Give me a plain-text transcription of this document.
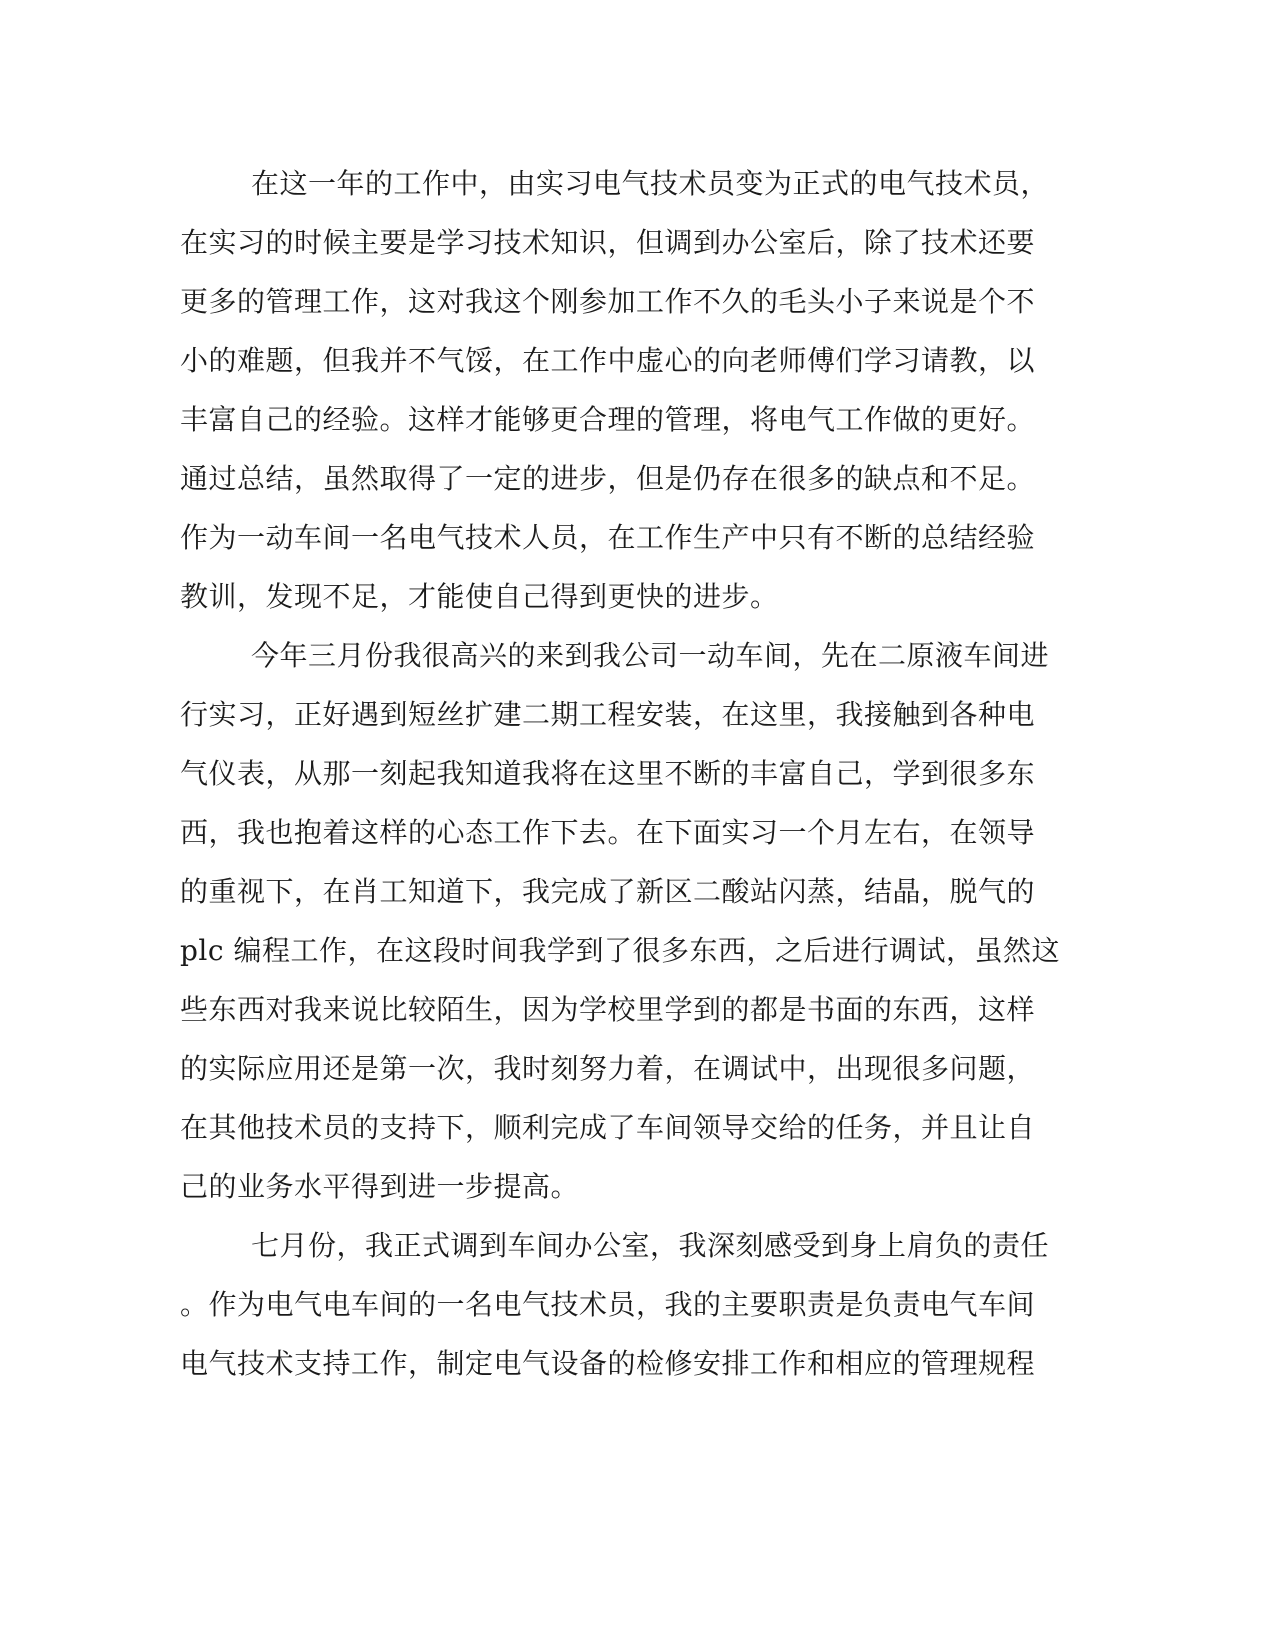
在这一年的工作中，由实习电气技术员变为正式的电气技术员，
在实习的时候主要是学习技术知识，但调到办公室后，除了技术还要
更多的管理工作，这对我这个刚参加工作不久的毛头小子来说是个不
小的难题，但我并不气馁，在工作中虚心的向老师傅们学习请教，以
丰富自己的经验。这样才能够更合理的管理，将电气工作做的更好。
通过总结，虽然取得了一定的进步，但是仍存在很多的缺点和不足。
作为一动车间一名电气技术人员，在工作生产中只有不断的总结经验
教训，发现不足，才能使自己得到更快的进步。
今年三月份我很高兴的来到我公司一动车间，先在二原液车间进
行实习，正好遇到短丝扩建二期工程安装，在这里，我接触到各种电
气仪表，从那一刻起我知道我将在这里不断的丰富自己，学到很多东
西，我也抱着这样的心态工作下去。在下面实习一个月左右，在领导
的重视下，在肖工知道下，我完成了新区二酸站闪蒸，结晶，脱气的
plc 编程工作，在这段时间我学到了很多东西，之后进行调试，虽然这
些东西对我来说比较陌生，因为学校里学到的都是书面的东西，这样
的实际应用还是第一次，我时刻努力着，在调试中，出现很多问题，
在其他技术员的支持下，顺利完成了车间领导交给的任务，并且让自
己的业务水平得到进一步提高。
七月份，我正式调到车间办公室，我深刻感受到身上肩负的责任
。作为电气电车间的一名电气技术员，我的主要职责是负责电气车间
电气技术支持工作，制定电气设备的检修安排工作和相应的管理规程
